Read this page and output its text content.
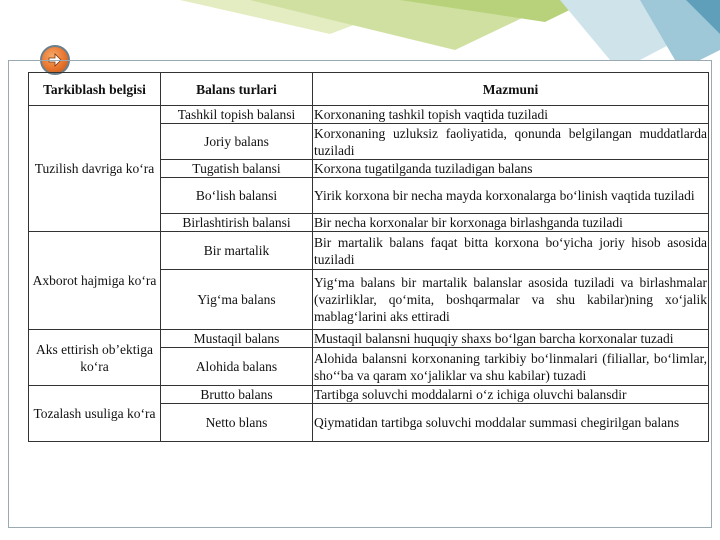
Tarkiblash belgisi	Balans turlari	Mazmuni
Tuzilish davriga ko‘ra	Tashkil topish balansi	Korxonaning tashkil topish vaqtida tuziladi
	Joriy balans	Korxonaning uzluksiz faoliyatida, qonunda belgilangan muddatlarda tuziladi
	Tugatish balansi	Korxona tugatilganda tuziladigan balans
	Bo‘lish balansi	Yirik korxona bir necha mayda korxonalarga bo‘linish vaqtida tuziladi
	Birlashtirish balansi	Bir necha korxonalar bir korxonaga birlashganda tuziladi
Axborot hajmiga ko‘ra	Bir martalik	Bir martalik balans faqat bitta korxona bo‘yicha joriy hisob asosida tuziladi
	Yig‘ma balans	Yig‘ma balans bir martalik balanslar asosida tuziladi va birlashmalar (vazirliklar, qo‘mita, boshqarmalar va shu kabilar)ning xo‘jalik mablag‘larini aks ettiradi
Aks ettirish ob’ektiga ko‘ra	Mustaqil balans	Mustaqil balansni huquqiy shaxs bo‘lgan barcha korxonalar tuzadi
	Alohida balans	Alohida balansni korxonaning tarkibiy bo‘linmalari (filiallar, bo‘limlar, sho‘‘ba va qaram xo‘jaliklar va shu kabilar) tuzadi
Tozalash usuliga ko‘ra	Brutto balans	Tartibga soluvchi moddalarni o‘z ichiga oluvchi balansdir
	Netto blans	Qiymatidan tartibga soluvchi moddalar summasi chegirilgan balans
